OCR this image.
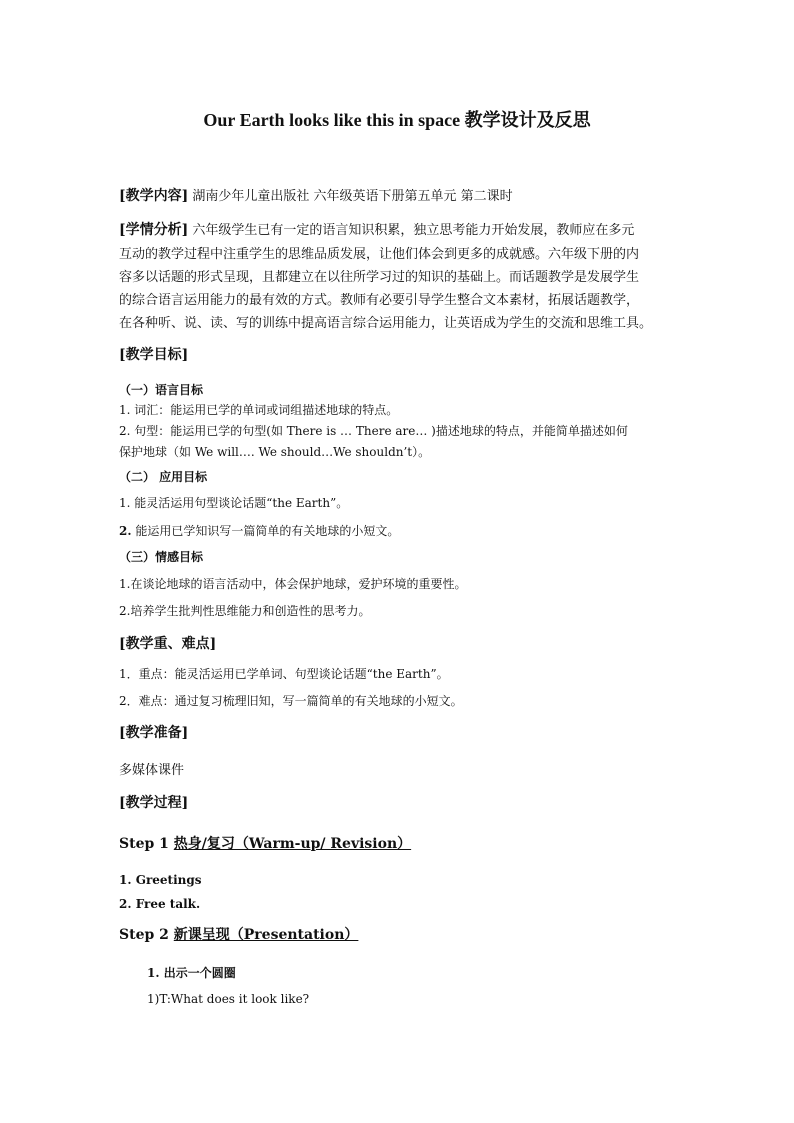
Our Earth looks like this in space 教学设计及反思
[教学内容] 湖南少年儿童出版社 六年级英语下册第五单元 第二课时
[学情分析] 六年级学生已有一定的语言知识积累，独立思考能力开始发展，教师应在多元
互动的教学过程中注重学生的思维品质发展，让他们体会到更多的成就感。六年级下册的内
容多以话题的形式呈现，且都建立在以往所学习过的知识的基础上。而话题教学是发展学生
的综合语言运用能力的最有效的方式。教师有必要引导学生整合文本素材，拓展话题教学，
在各种听、说、读、写的训练中提高语言综合运用能力，让英语成为学生的交流和思维工具。
[教学目标]
（一）语言目标
1. 词汇：能运用已学的单词或词组描述地球的特点。
2. 句型：能运用已学的句型(如 There is … There are… )描述地球的特点，并能简单描述如何
保护地球（如 We will…. We should…We shouldn’t）。
（二） 应用目标
1. 能灵活运用句型谈论话题“the Earth”。
2. 能运用已学知识写一篇简单的有关地球的小短文。
（三）情感目标
1.在谈论地球的语言活动中，体会保护地球，爱护环境的重要性。
2.培养学生批判性思维能力和创造性的思考力。
[教学重、难点]
1．重点：能灵活运用已学单词、句型谈论话题“the Earth”。
2．难点：通过复习梳理旧知，写一篇简单的有关地球的小短文。
[教学准备]
多媒体课件
[教学过程]
Step 1 热身/复习（Warm-up/ Revision）
1. Greetings
2. Free talk.
Step 2 新课呈现（Presentation）
1. 出示一个圆圈
1)T:What does it look like?
